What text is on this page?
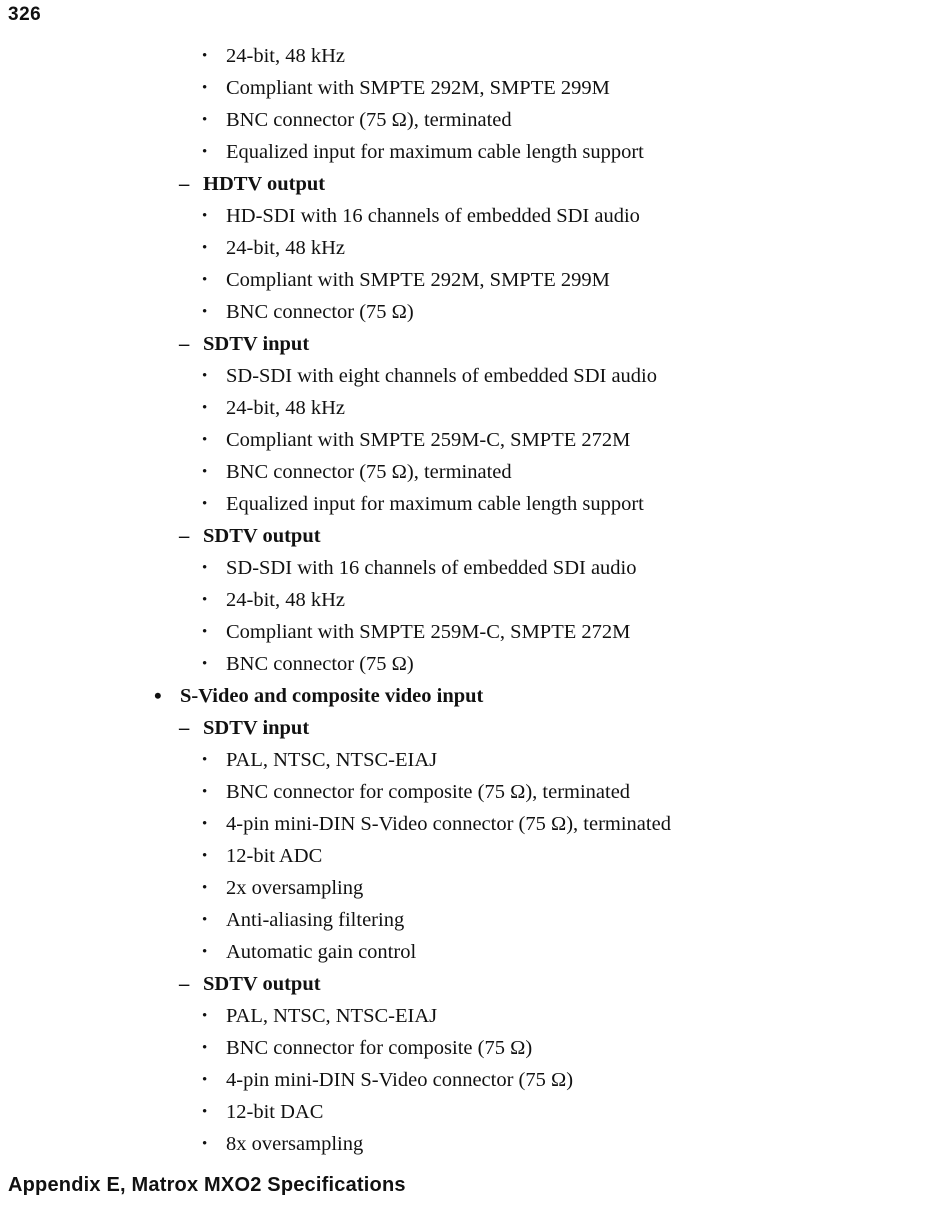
326
• 24-bit, 48 kHz
• Compliant with SMPTE 292M, SMPTE 299M
• BNC connector (75 Ω), terminated
• Equalized input for maximum cable length support
– HDTV output
• HD-SDI with 16 channels of embedded SDI audio
• 24-bit, 48 kHz
• Compliant with SMPTE 292M, SMPTE 299M
• BNC connector (75 Ω)
– SDTV input
• SD-SDI with eight channels of embedded SDI audio
• 24-bit, 48 kHz
• Compliant with SMPTE 259M-C, SMPTE 272M
• BNC connector (75 Ω), terminated
• Equalized input for maximum cable length support
– SDTV output
• SD-SDI with 16 channels of embedded SDI audio
• 24-bit, 48 kHz
• Compliant with SMPTE 259M-C, SMPTE 272M
• BNC connector (75 Ω)
• S-Video and composite video input
– SDTV input
• PAL, NTSC, NTSC-EIAJ
• BNC connector for composite (75 Ω), terminated
• 4-pin mini-DIN S-Video connector (75 Ω), terminated
• 12-bit ADC
• 2x oversampling
• Anti-aliasing filtering
• Automatic gain control
– SDTV output
• PAL, NTSC, NTSC-EIAJ
• BNC connector for composite (75 Ω)
• 4-pin mini-DIN S-Video connector (75 Ω)
• 12-bit DAC
• 8x oversampling
Appendix E, Matrox MXO2 Specifications
